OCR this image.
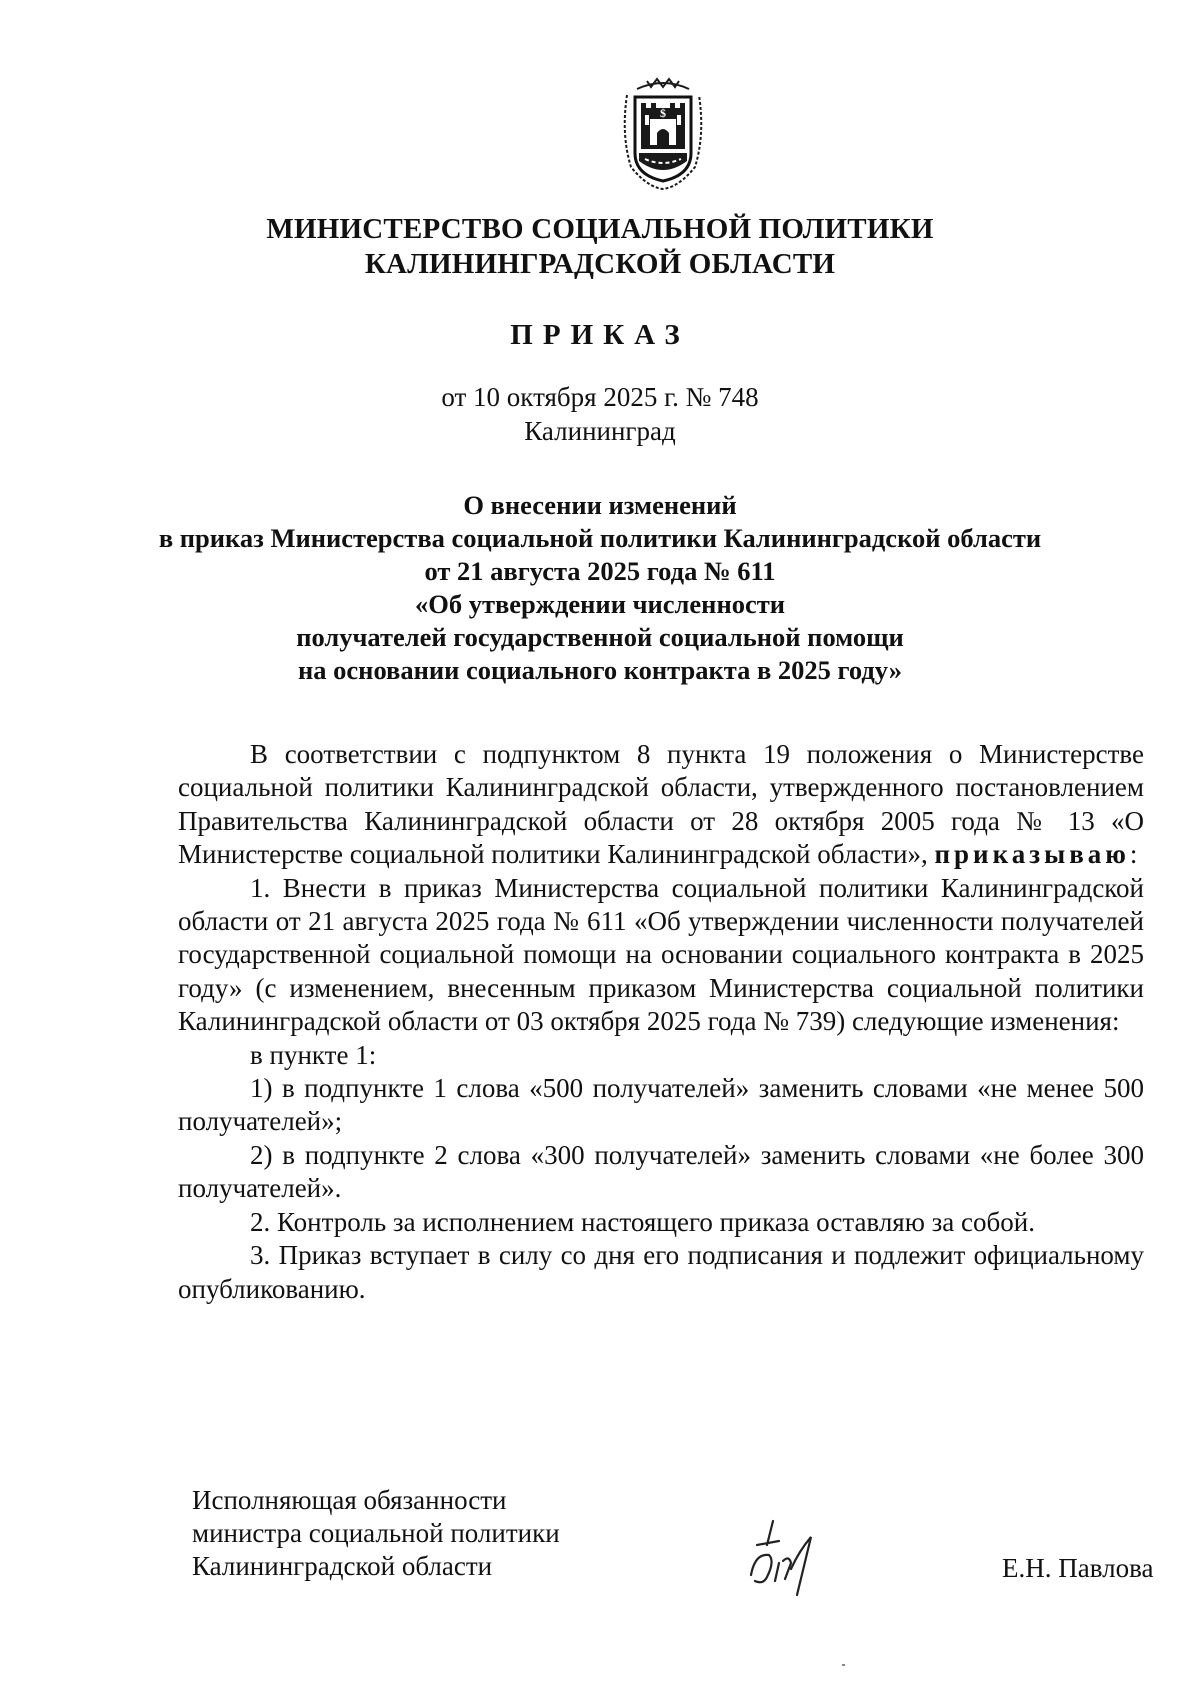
$
МИНИСТЕРСТВО СОЦИАЛЬНОЙ ПОЛИТИКИ
КАЛИНИНГРАДСКОЙ ОБЛАСТИ
ПРИКАЗ
от 10 октября 2025 г. № 748
Калининград
О внесении изменений
в приказ Министерства социальной политики Калининградской области
от 21 августа 2025 года № 611
«Об утверждении численности
получателей государственной социальной помощи
на основании социального контракта в 2025 году»

В соответствии с подпунктом 8 пункта 19 положения о Министерстве социальной политики Калининградской области, утвержденного постановлением Правительства Калининградской области от 28 октября 2005 года № 13 «О Министерстве социальной политики Калининградской области», приказываю:

1. Внести в приказ Министерства социальной политики Калининградской области от 21 августа 2025 года № 611 «Об утверждении численности получателей государственной социальной помощи на основании социального контракта в 2025 году» (с изменением, внесенным приказом Министерства социальной политики Калининградской области от 03 октября 2025 года № 739) следующие изменения:

в пункте 1:

1) в подпункте 1 слова «500 получателей» заменить словами «не менее 500 получателей»;

2) в подпункте 2 слова «300 получателей» заменить словами «не более 300 получателей».

2. Контроль за исполнением настоящего приказа оставляю за собой.

3. Приказ вступает в силу со дня его подписания и подлежит официальному опубликованию.

Исполняющая обязанности
министра социальной политики
Калининградской области	Е.Н. Павлова
